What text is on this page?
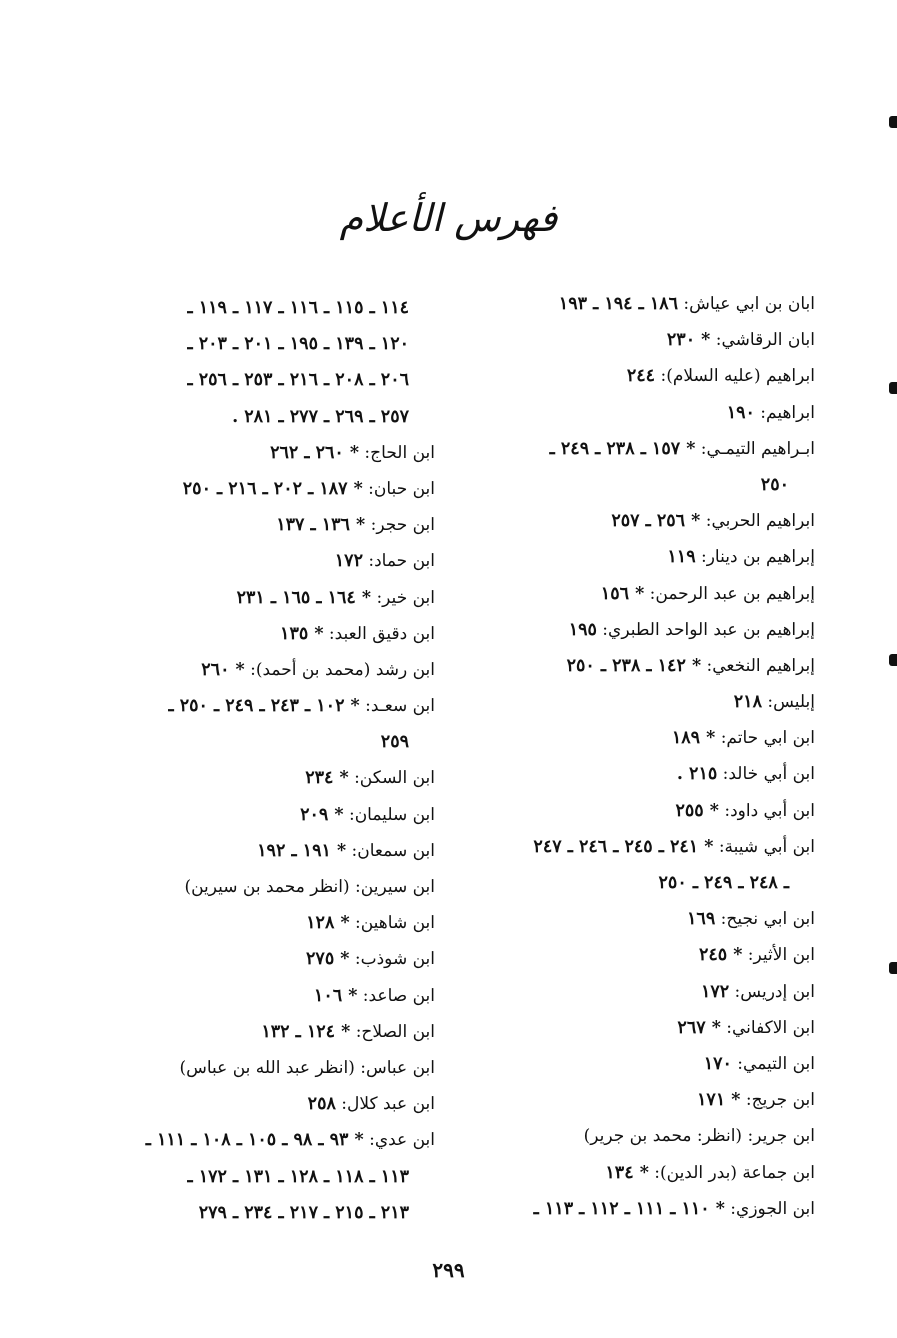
فهرس الأعلام
ابان بن ابي عياش: ١٨٦ ـ ١٩٤ ـ ١٩٣
ابان الرقاشي: * ٢٣٠
ابراهيم (عليه السلام): ٢٤٤
ابراهيم: ١٩٠
ابـراهيم التيمـي: * ١٥٧ ـ ٢٣٨ ـ ٢٤٩ ـ
٢٥٠
ابراهيم الحربي: * ٢٥٦ ـ ٢٥٧
إبراهيم بن دينار: ١١٩
إبراهيم بن عبد الرحمن: * ١٥٦
إبراهيم بن عبد الواحد الطبري: ١٩٥
إبراهيم النخعي: * ١٤٢ ـ ٢٣٨ ـ ٢٥٠
إبليس: ٢١٨
ابن ابي حاتم: * ١٨٩
ابن أبي خالد: ٢١٥ .
ابن أبي داود: * ٢٥٥
ابن أبي شيبة: * ٢٤١ ـ ٢٤٥ ـ ٢٤٦ ـ ٢٤٧
ـ ٢٤٨ ـ ٢٤٩ ـ ٢٥٠
ابن ابي نجيح: ١٦٩
ابن الأثير: * ٢٤٥
ابن إدريس: ١٧٢
ابن الاكفاني: * ٢٦٧
ابن التيمي: ١٧٠
ابن جريج: * ١٧١
ابن جرير: (انظر: محمد بن جرير)
ابن جماعة (بدر الدين): * ١٣٤
ابن الجوزي: * ١١٠ ـ ١١١ ـ ١١٢ ـ ١١٣ ـ
١١٤ ـ ١١٥ ـ ١١٦ ـ ١١٧ ـ ١١٩ ـ
١٢٠ ـ ١٣٩ ـ ١٩٥ ـ ٢٠١ ـ ٢٠٣ ـ
٢٠٦ ـ ٢٠٨ ـ ٢١٦ ـ ٢٥٣ ـ ٢٥٦ ـ
٢٥٧ ـ ٢٦٩ ـ ٢٧٧ ـ ٢٨١ .
ابن الحاج: * ٢٦٠ ـ ٢٦٢
ابن حبان: * ١٨٧ ـ ٢٠٢ ـ ٢١٦ ـ ٢٥٠
ابن حجر: * ١٣٦ ـ ١٣٧
ابن حماد: ١٧٢
ابن خير: * ١٦٤ ـ ١٦٥ ـ ٢٣١
ابن دقيق العبد: * ١٣٥
ابن رشد (محمد بن أحمد): * ٢٦٠
ابن سعـد: * ١٠٢ ـ ٢٤٣ ـ ٢٤٩ ـ ٢٥٠ ـ
٢٥٩
ابن السكن: * ٢٣٤
ابن سليمان: * ٢٠٩
ابن سمعان: * ١٩١ ـ ١٩٢
ابن سيرين: (انظر محمد بن سيرين)
ابن شاهين: * ١٢٨
ابن شوذب: * ٢٧٥
ابن صاعد: * ١٠٦
ابن الصلاح: * ١٢٤ ـ ١٣٢
ابن عباس: (انظر عبد الله بن عباس)
ابن عبد كلال: ٢٥٨
ابن عدي: * ٩٣ ـ ٩٨ ـ ١٠٥ ـ ١٠٨ ـ ١١١ ـ
١١٣ ـ ١١٨ ـ ١٢٨ ـ ١٣١ ـ ١٧٢ ـ
٢١٣ ـ ٢١٥ ـ ٢١٧ ـ ٢٣٤ ـ ٢٧٩
٢٩٩
